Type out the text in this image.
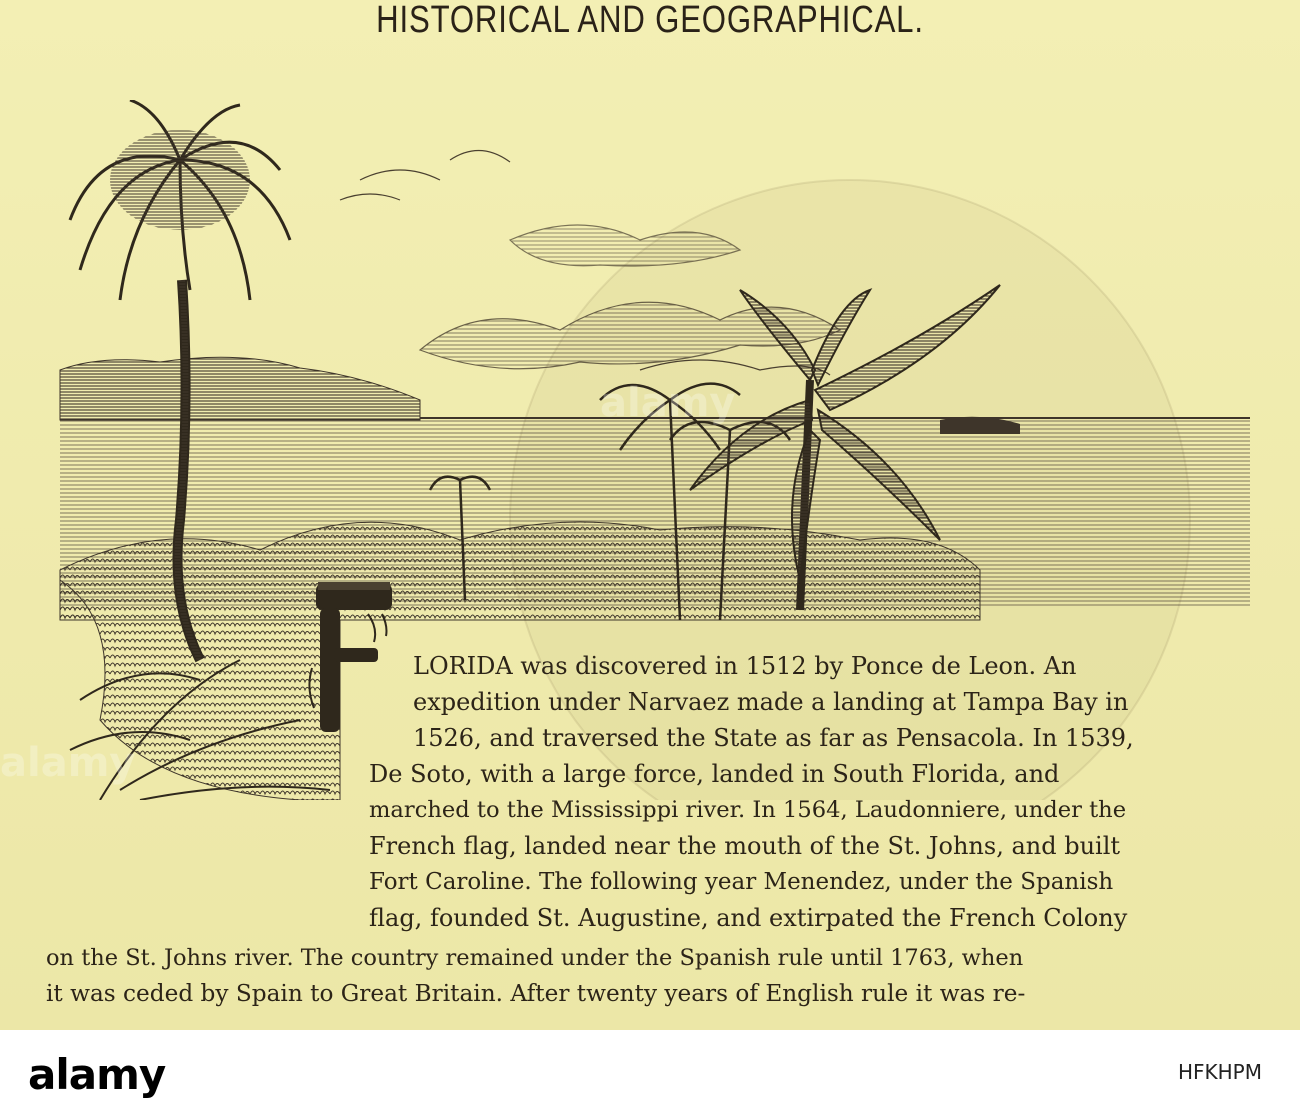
HISTORICAL AND GEOGRAPHICAL.
LORIDA was discovered in 1512 by Ponce de Leon. An
expedition under Narvaez made a landing at Tampa Bay in
1526, and traversed the State as far as Pensacola. In 1539,
De Soto, with a large force, landed in South Florida, and
marched to the Mississippi river. In 1564, Laudonniere, under the
French flag, landed near the mouth of the St. Johns, and built
Fort Caroline. The following year Menendez, under the Spanish
flag, founded St. Augustine, and extirpated the French Colony
on the St. Johns river. The country remained under the Spanish rule until 1763, when
it was ceded by Spain to Great Britain. After twenty years of English rule it was re-
alamy
alamy
alamy	HFKHPM
